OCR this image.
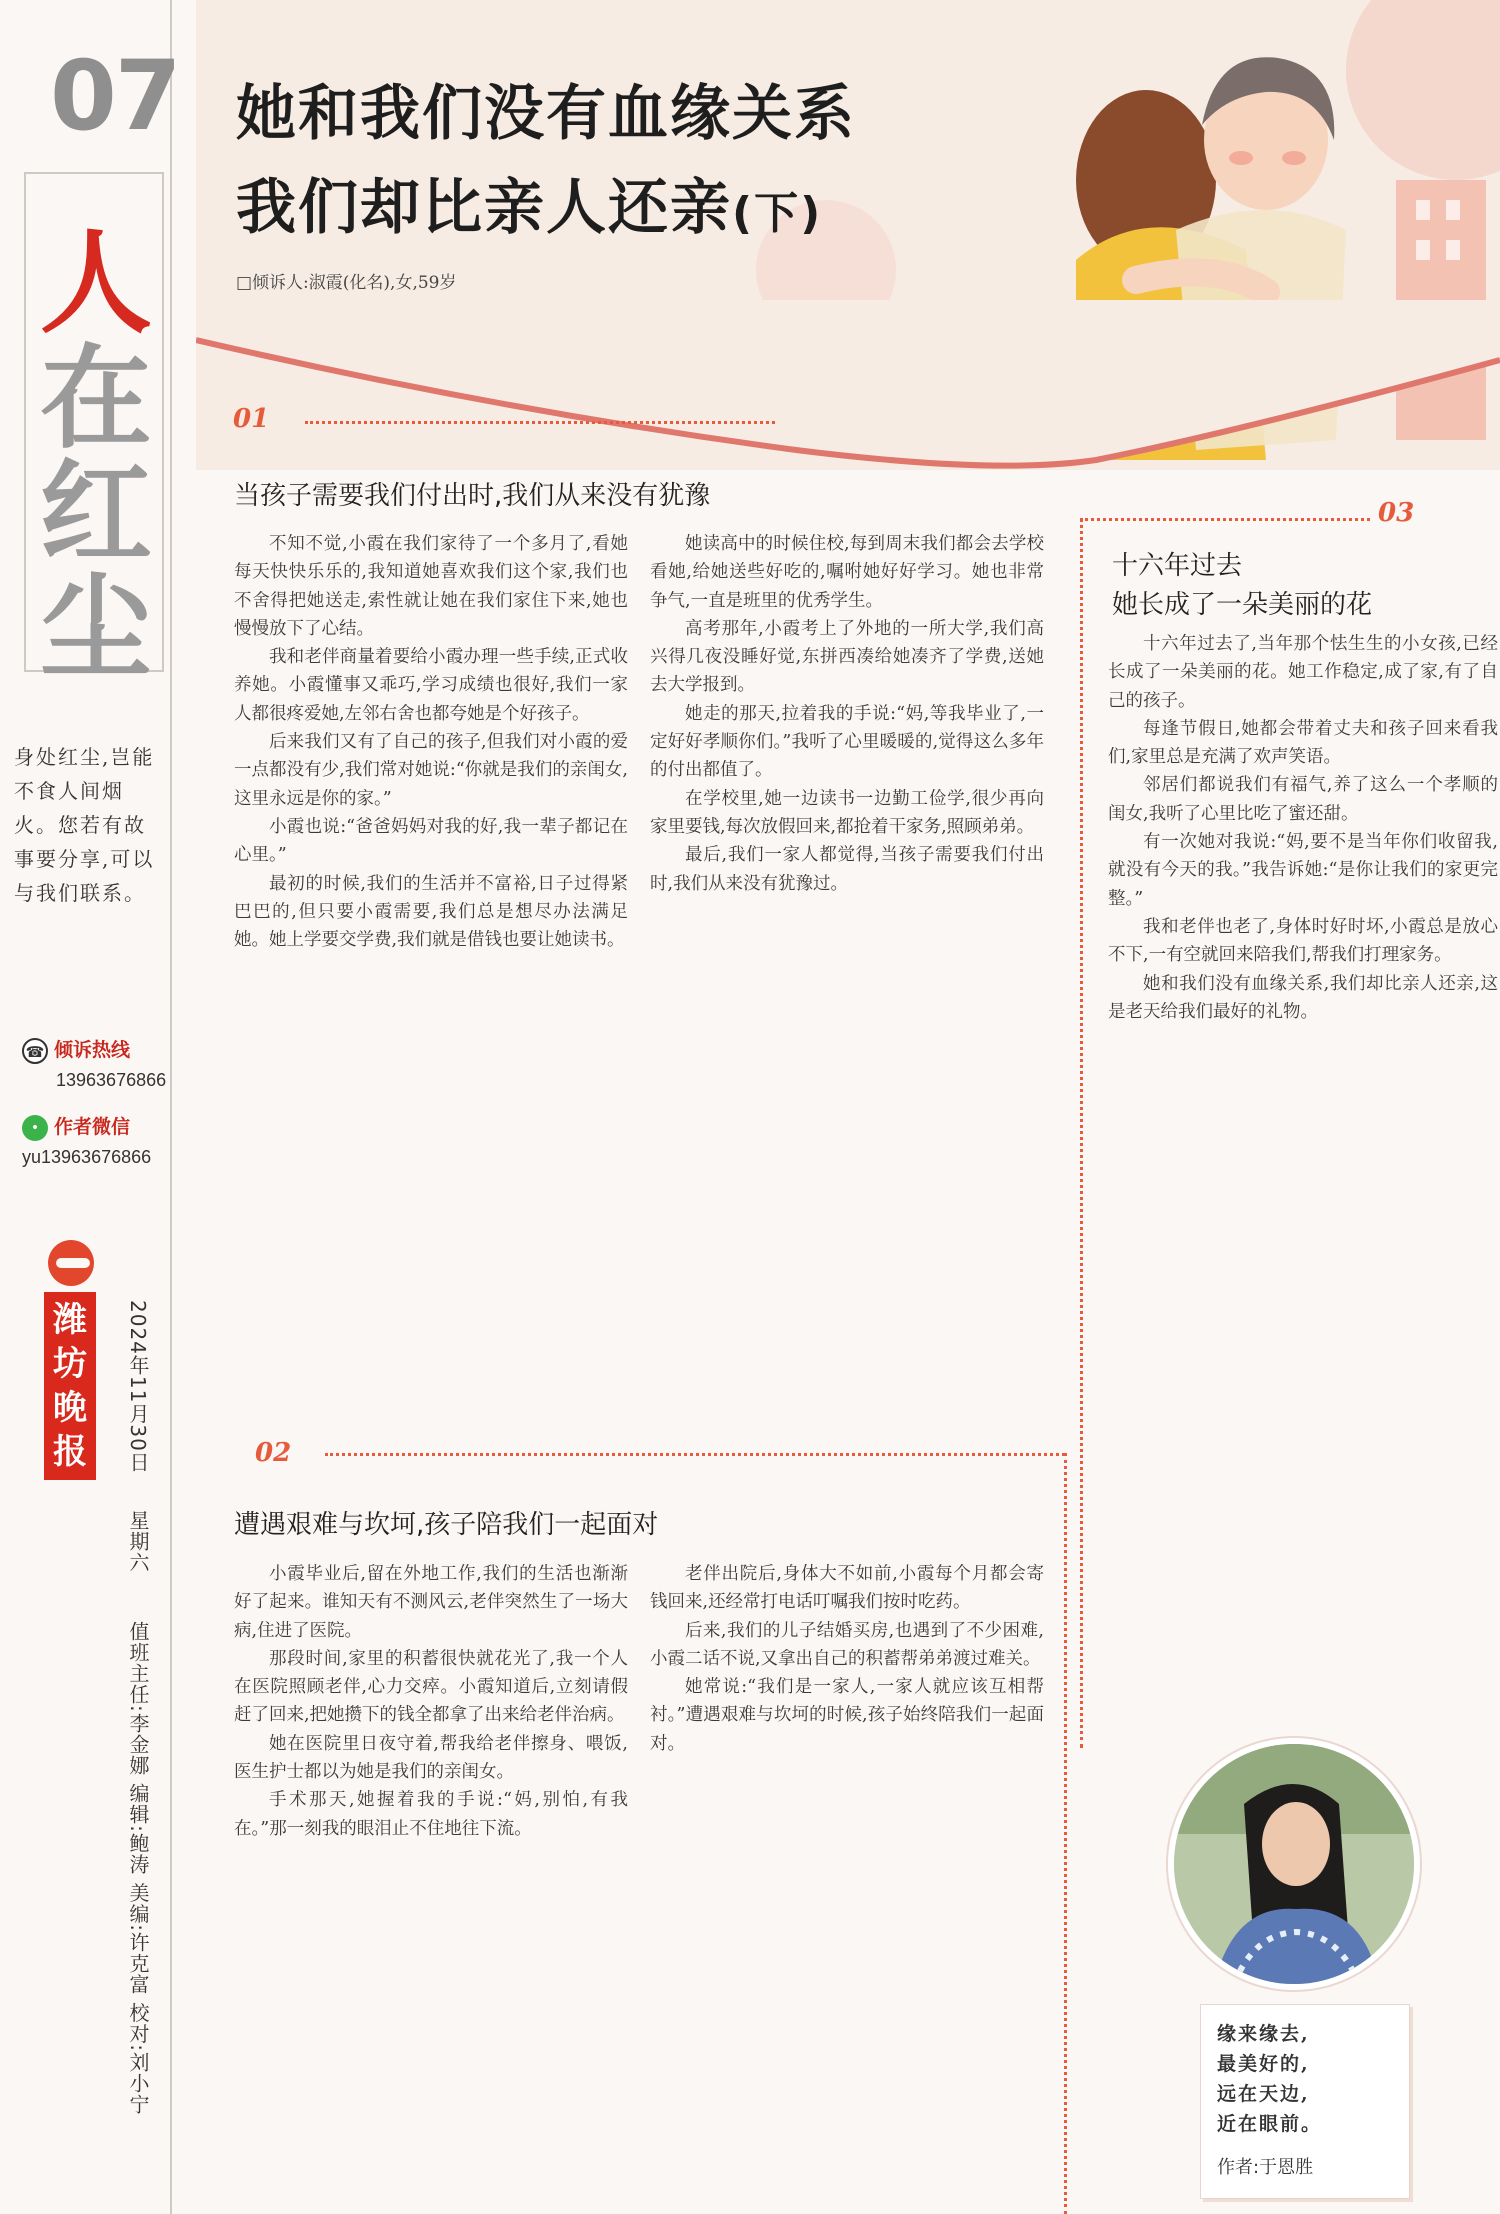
07
人
在
红
尘
身处红尘,岂能不食人间烟火。您若有故事要分享,可以与我们联系。
☎ 倾诉热线
13963676866
• 作者微信
yu13963676866
潍坊晚报	2024年11月30日 星期六 值班主任:李金娜 编辑:鲍涛 美编:许克富 校对:刘小宁
她和我们没有血缘关系
我们却比亲人还亲(下)
□倾诉人:淑霞(化名),女,59岁
01
当孩子需要我们付出时,我们从来没有犹豫

不知不觉,小霞在我们家待了一个多月了,看她每天快快乐乐的,我知道她喜欢我们这个家,我们也不舍得把她送走,索性就让她在我们家住下来,她也慢慢放下了心结。

我和老伴商量着要给小霞办理一些手续,正式收养她。小霞懂事又乖巧,学习成绩也很好,我们一家人都很疼爱她,左邻右舍也都夸她是个好孩子。

后来我们又有了自己的孩子,但我们对小霞的爱一点都没有少,我们常对她说:“你就是我们的亲闺女,这里永远是你的家。”

小霞也说:“爸爸妈妈对我的好,我一辈子都记在心里。”

最初的时候,我们的生活并不富裕,日子过得紧巴巴的,但只要小霞需要,我们总是想尽办法满足她。她上学要交学费,我们就是借钱也要让她读书。

她读高中的时候住校,每到周末我们都会去学校看她,给她送些好吃的,嘱咐她好好学习。她也非常争气,一直是班里的优秀学生。

高考那年,小霞考上了外地的一所大学,我们高兴得几夜没睡好觉,东拼西凑给她凑齐了学费,送她去大学报到。

她走的那天,拉着我的手说:“妈,等我毕业了,一定好好孝顺你们。”我听了心里暖暖的,觉得这么多年的付出都值了。

在学校里,她一边读书一边勤工俭学,很少再向家里要钱,每次放假回来,都抢着干家务,照顾弟弟。

最后,我们一家人都觉得,当孩子需要我们付出时,我们从来没有犹豫过。

02
遭遇艰难与坎坷,孩子陪我们一起面对

小霞毕业后,留在外地工作,我们的生活也渐渐好了起来。谁知天有不测风云,老伴突然生了一场大病,住进了医院。

那段时间,家里的积蓄很快就花光了,我一个人在医院照顾老伴,心力交瘁。小霞知道后,立刻请假赶了回来,把她攒下的钱全都拿了出来给老伴治病。

她在医院里日夜守着,帮我给老伴擦身、喂饭,医生护士都以为她是我们的亲闺女。

手术那天,她握着我的手说:“妈,别怕,有我在。”那一刻我的眼泪止不住地往下流。

老伴出院后,身体大不如前,小霞每个月都会寄钱回来,还经常打电话叮嘱我们按时吃药。

后来,我们的儿子结婚买房,也遇到了不少困难,小霞二话不说,又拿出自己的积蓄帮弟弟渡过难关。

她常说:“我们是一家人,一家人就应该互相帮衬。”遭遇艰难与坎坷的时候,孩子始终陪我们一起面对。

03
十六年过去
她长成了一朵美丽的花

十六年过去了,当年那个怯生生的小女孩,已经长成了一朵美丽的花。她工作稳定,成了家,有了自己的孩子。

每逢节假日,她都会带着丈夫和孩子回来看我们,家里总是充满了欢声笑语。

邻居们都说我们有福气,养了这么一个孝顺的闺女,我听了心里比吃了蜜还甜。

有一次她对我说:“妈,要不是当年你们收留我,就没有今天的我。”我告诉她:“是你让我们的家更完整。”

我和老伴也老了,身体时好时坏,小霞总是放心不下,一有空就回来陪我们,帮我们打理家务。

她和我们没有血缘关系,我们却比亲人还亲,这是老天给我们最好的礼物。

缘来缘去,
最美好的,
远在天边,
近在眼前。
作者:于恩胜
